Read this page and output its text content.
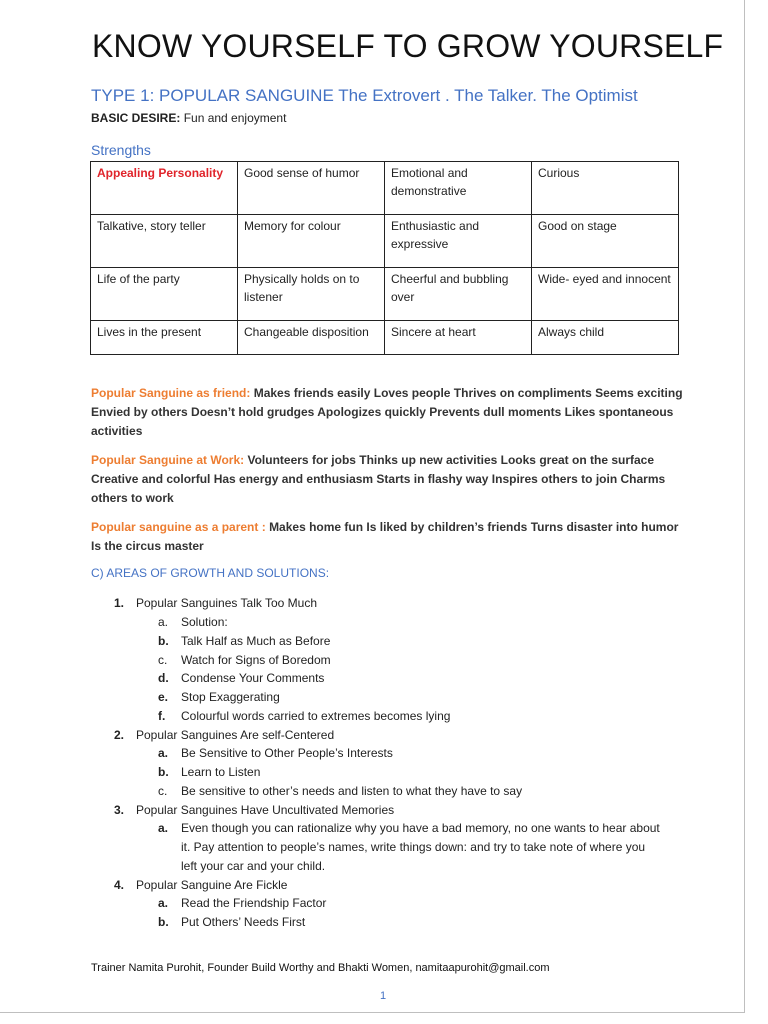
KNOW YOURSELF TO GROW YOURSELF
TYPE 1: POPULAR SANGUINE The Extrovert . The Talker. The Optimist
BASIC DESIRE: Fun and enjoyment
Strengths
Appealing Personality	Good sense of humor	Emotional and demonstrative	Curious
Talkative, story teller	Memory for colour	Enthusiastic and expressive	Good on stage
Life of the party	Physically holds on to listener	Cheerful and bubbling over	Wide- eyed and innocent
Lives in the present	Changeable disposition	Sincere at heart	Always child
Popular Sanguine as friend: Makes friends easily Loves people Thrives on compliments Seems exciting Envied by others Doesn’t hold grudges Apologizes quickly Prevents dull moments Likes spontaneous activities
Popular Sanguine at Work: Volunteers for jobs Thinks up new activities Looks great on the surface Creative and colorful Has energy and enthusiasm Starts in flashy way Inspires others to join Charms others to work
Popular sanguine as a parent : Makes home fun Is liked by children’s friends Turns disaster into humor Is the circus master
C) AREAS OF GROWTH AND SOLUTIONS:
1. Popular Sanguines Talk Too Much
a. Solution:
b. Talk Half as Much as Before
c. Watch for Signs of Boredom
d. Condense Your Comments
e. Stop Exaggerating
f. Colourful words carried to extremes becomes lying
2. Popular Sanguines Are self-Centered
a. Be Sensitive to Other People’s Interests
b. Learn to Listen
c. Be sensitive to other’s needs and listen to what they have to say
3. Popular Sanguines Have Uncultivated Memories
a. Even though you can rationalize why you have a bad memory, no one wants to hear about it. Pay attention to people’s names, write things down: and try to take note of where you left your car and your child.
4. Popular Sanguine Are Fickle
a. Read the Friendship Factor
b. Put Others’ Needs First
Trainer Namita Purohit, Founder Build Worthy and Bhakti Women, namitaapurohit@gmail.com
1
